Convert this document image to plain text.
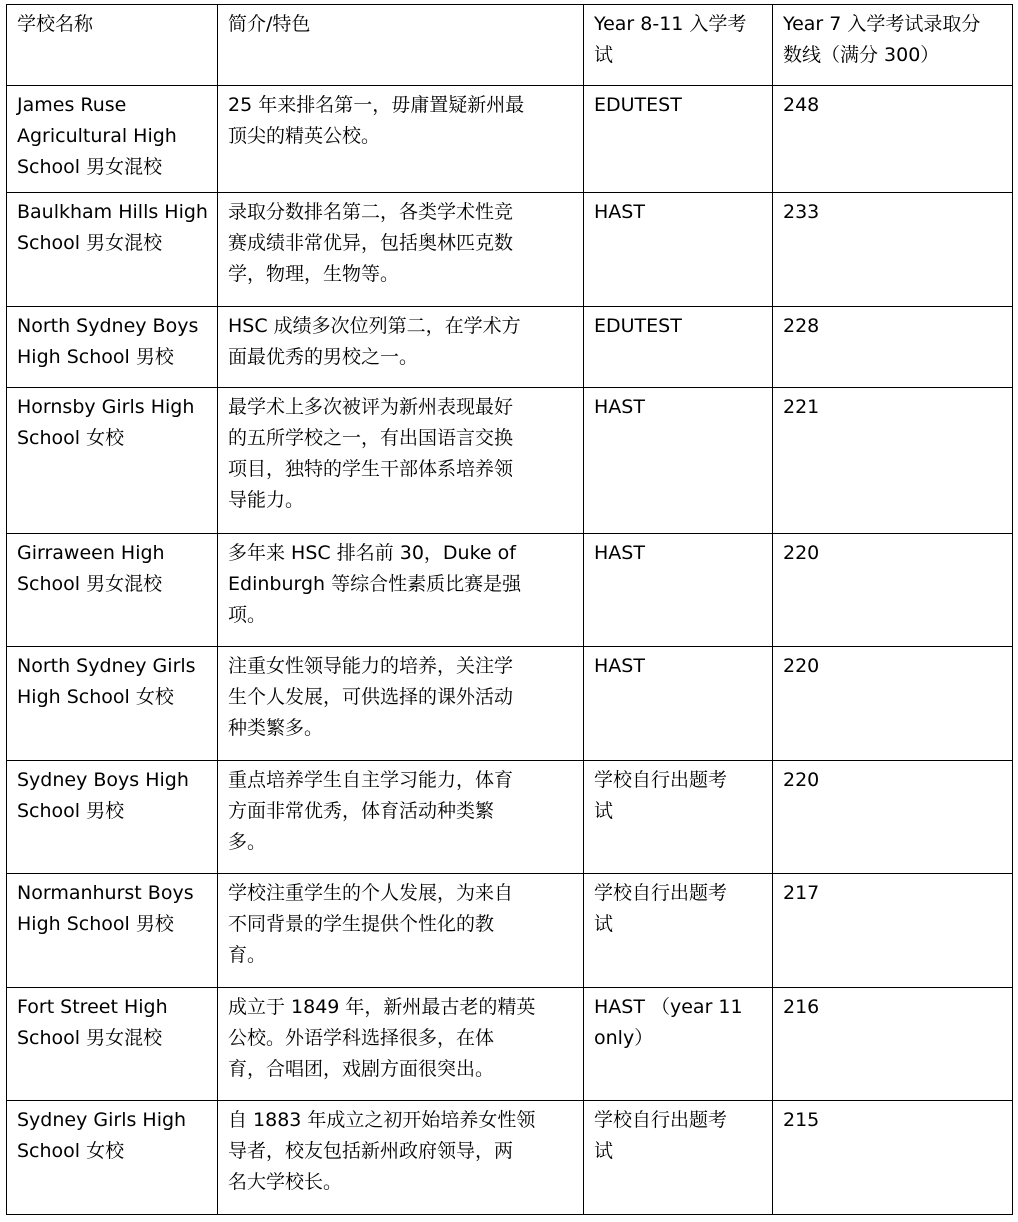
学校名称	简介/特色	Year 8-11 入学考
试	Year 7 入学考试录取分
数线（满分 300）

James Ruse
Agricultural High
School 男女混校	25 年来排名第一，毋庸置疑新州最
顶尖的精英公校。	EDUTEST	248

Baulkham Hills High
School 男女混校	录取分数排名第二，各类学术性竞
赛成绩非常优异，包括奥林匹克数
学，物理，生物等。	HAST	233

North Sydney Boys
High School 男校	HSC 成绩多次位列第二，在学术方
面最优秀的男校之一。	EDUTEST	228

Hornsby Girls High
School 女校	最学术上多次被评为新州表现最好
的五所学校之一，有出国语言交换
项目，独特的学生干部体系培养领
导能力。	HAST	221

Girraween High
School 男女混校	多年来 HSC 排名前 30，Duke of
Edinburgh 等综合性素质比赛是强
项。	HAST	220

North Sydney Girls
High School 女校	注重女性领导能力的培养，关注学
生个人发展，可供选择的课外活动
种类繁多。	HAST	220

Sydney Boys High
School 男校	重点培养学生自主学习能力，体育
方面非常优秀，体育活动种类繁
多。	学校自行出题考
试	220

Normanhurst Boys
High School 男校	学校注重学生的个人发展，为来自
不同背景的学生提供个性化的教
育。	学校自行出题考
试	217

Fort Street High
School 男女混校	成立于 1849 年，新州最古老的精英
公校。外语学科选择很多，在体
育，合唱团，戏剧方面很突出。	HAST （year 11
only）	216

Sydney Girls High
School 女校	自 1883 年成立之初开始培养女性领
导者，校友包括新州政府领导，两
名大学校长。	学校自行出题考
试	215
